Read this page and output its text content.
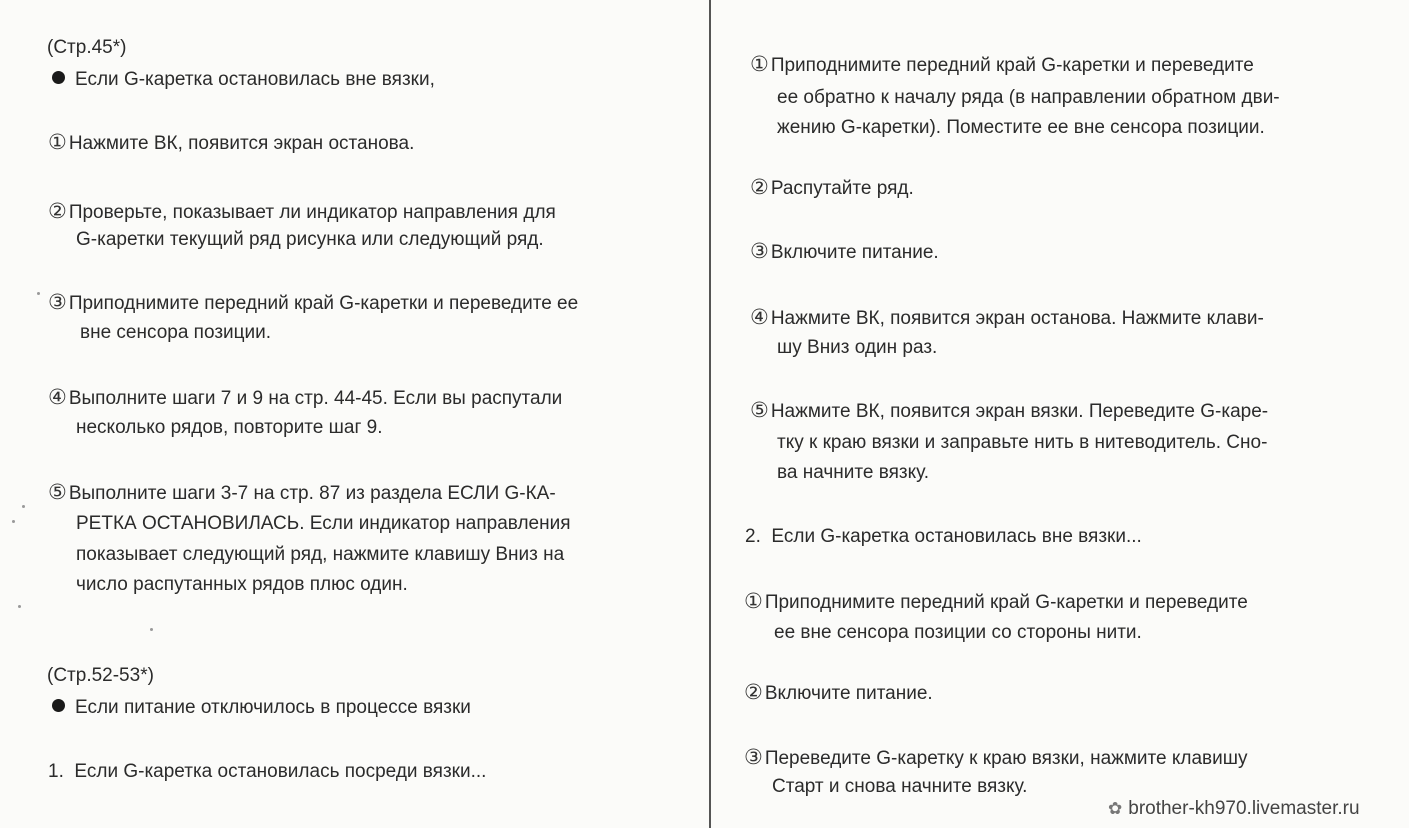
(Стр.45*)
Если G-каретка остановилась вне вязки,
① Нажмите ВК, появится экран останова.
② Проверьте, показывает ли индикатор направления для
G-каретки текущий ряд рисунка или следующий ряд.
③ Приподнимите передний край G-каретки и переведите ее
вне сенсора позиции.
④ Выполните шаги 7 и 9 на стр. 44-45. Если вы распутали
несколько рядов, повторите шаг 9.
⑤ Выполните шаги 3-7 на стр. 87 из раздела ЕСЛИ G-КА-
РЕТКА ОСТАНОВИЛАСЬ. Если индикатор направления
показывает следующий ряд, нажмите клавишу Вниз на
число распутанных рядов плюс один.
(Стр.52-53*)
Если питание отключилось в процессе вязки
1.  Если G-каретка остановилась посреди вязки...
① Приподнимите передний край G-каретки и переведите
ее обратно к началу ряда (в направлении обратном дви-
жению G-каретки). Поместите ее вне сенсора позиции.
② Распутайте ряд.
③ Включите питание.
④ Нажмите ВК, появится экран останова. Нажмите клави-
шу Вниз один раз.
⑤ Нажмите ВК, появится экран вязки. Переведите G-каре-
тку к краю вязки и заправьте нить в нитеводитель. Сно-
ва начните вязку.
2.  Если G-каретка остановилась вне вязки...
① Приподнимите передний край G-каретки и переведите
ее вне сенсора позиции со стороны нити.
② Включите питание.
③ Переведите G-каретку к краю вязки, нажмите клавишу
Старт и снова начните вязку.
✿ brother-kh970.livemaster.ru
